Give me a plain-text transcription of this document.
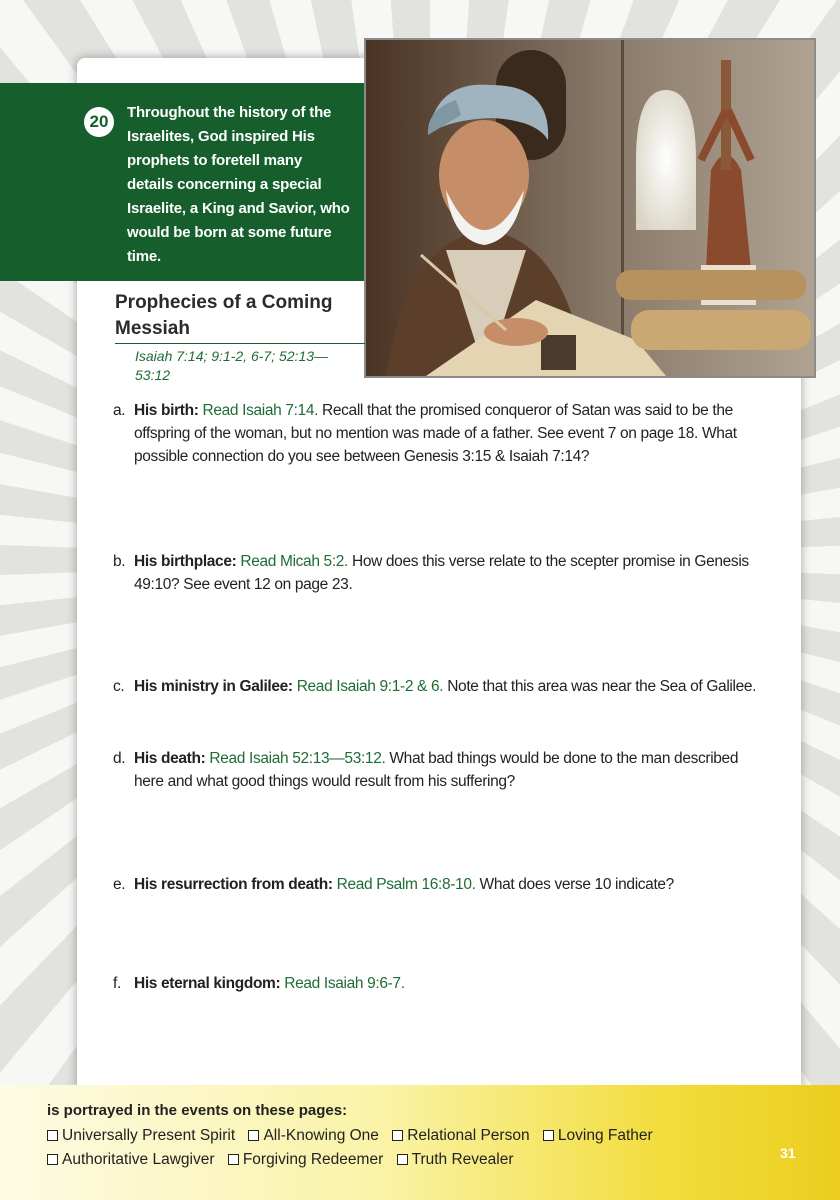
20	Throughout the history of the Israelites, God inspired His prophets to foretell many details concerning a special Israelite, a King and Savior, who would be born at some future time.
Prophecies of a Coming Messiah
Isaiah 7:14; 9:1-2, 6-7; 52:13—53:12
a. His birth: Read Isaiah 7:14. Recall that the promised conqueror of Satan was said to be the offspring of the woman, but no mention was made of a father. See event 7 on page 18. What possible connection do you see between Genesis 3:15 & Isaiah 7:14?
b. His birthplace: Read Micah 5:2. How does this verse relate to the scepter promise in Genesis 49:10? See event 12 on page 23.
c. His ministry in Galilee: Read Isaiah 9:1-2 & 6. Note that this area was near the Sea of Galilee.
d. His death: Read Isaiah 52:13—53:12. What bad things would be done to the man described here and what good things would result from his suffering?
e. His resurrection from death: Read Psalm 16:8-10. What does verse 10 indicate?
f. His eternal kingdom: Read Isaiah 9:6-7.
is portrayed in the events on these pages:
Universally Present Spirit All-Knowing One Relational Person Loving Father
Authoritative Lawgiver Forgiving Redeemer Truth Revealer	31
